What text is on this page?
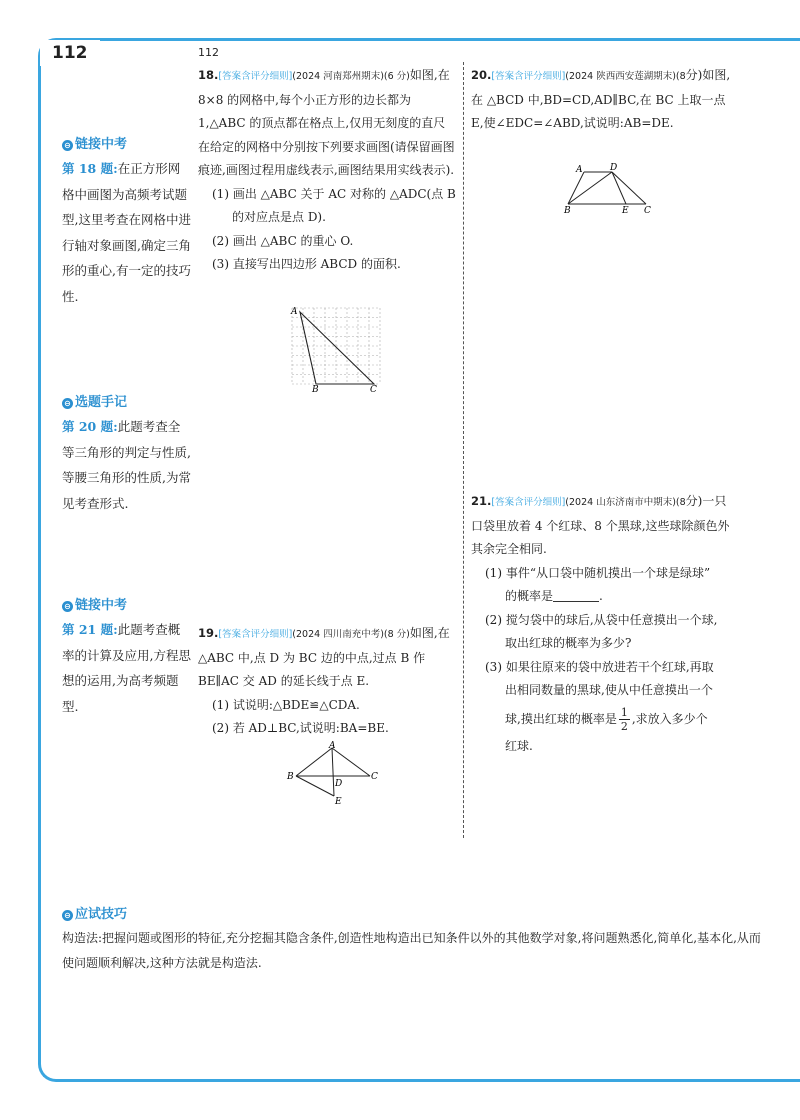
112	112
⊖ 链接中考
第 18 题:在正方形网格中画图为高频考试题型,这里考查在网格中进行轴对象画图,确定三角形的重心,有一定的技巧性.
⊖ 选题手记
第 20 题:此题考查全等三角形的判定与性质,等腰三角形的性质,为常见考查形式.
⊖ 链接中考
第 21 题:此题考查概率的计算及应用,方程思想的运用,为高考频题型.
18.[答案含评分细则](2024 河南郑州期末)(6 分)如图,在 8×8 的网格中,每个小正方形的边长都为 1,△ABC 的顶点都在格点上,仅用无刻度的直尺在给定的网格中分别按下列要求画图(请保留画图痕迹,画图过程用虚线表示,画图结果用实线表示).
(1) 画出 △ABC 关于 AC 对称的 △ADC(点 B
的对应点是点 D).
(2) 画出 △ABC 的重心 O.
(3) 直接写出四边形 ABCD 的面积.
A
B	C
19.[答案含评分细则](2024 四川南充中考)(8 分)如图,在 △ABC 中,点 D 为 BC 边的中点,过点 B 作 BE∥AC 交 AD 的延长线于点 E.
(1) 试说明:△BDE≌△CDA.
(2) 若 AD⊥BC,试说明:BA=BE.
A
B	C
D
E
20.[答案含评分细则](2024 陕西西安莲湖期末)(8分)如图,在 △BCD 中,BD=CD,AD∥BC,在 BC 上取一点 E,使∠EDC=∠ABD,试说明:AB=DE.
A	D
B	E C
21.[答案含评分细则](2024 山东济南市中期末)(8分)一只口袋里放着 4 个红球、8 个黑球,这些球除颜色外其余完全相同.
(1) 事件“从口袋中随机摸出一个球是绿球”
的概率是	.
(2) 搅匀袋中的球后,从袋中任意摸出一个球,
取出红球的概率为多少?
(3) 如果往原来的袋中放进若干个红球,再取
出相同数量的黑球,使从中任意摸出一个
球,摸出红球的概率是 $\frac{1}{2}$ ,求放入多少个
红球.
⊖ 应试技巧
构造法:把握问题或图形的特征,充分挖掘其隐含条件,创造性地构造出已知条件以外的其他数学对象,将问题熟悉化,简单化,基本化,从而使问题顺利解决,这种方法就是构造法.
